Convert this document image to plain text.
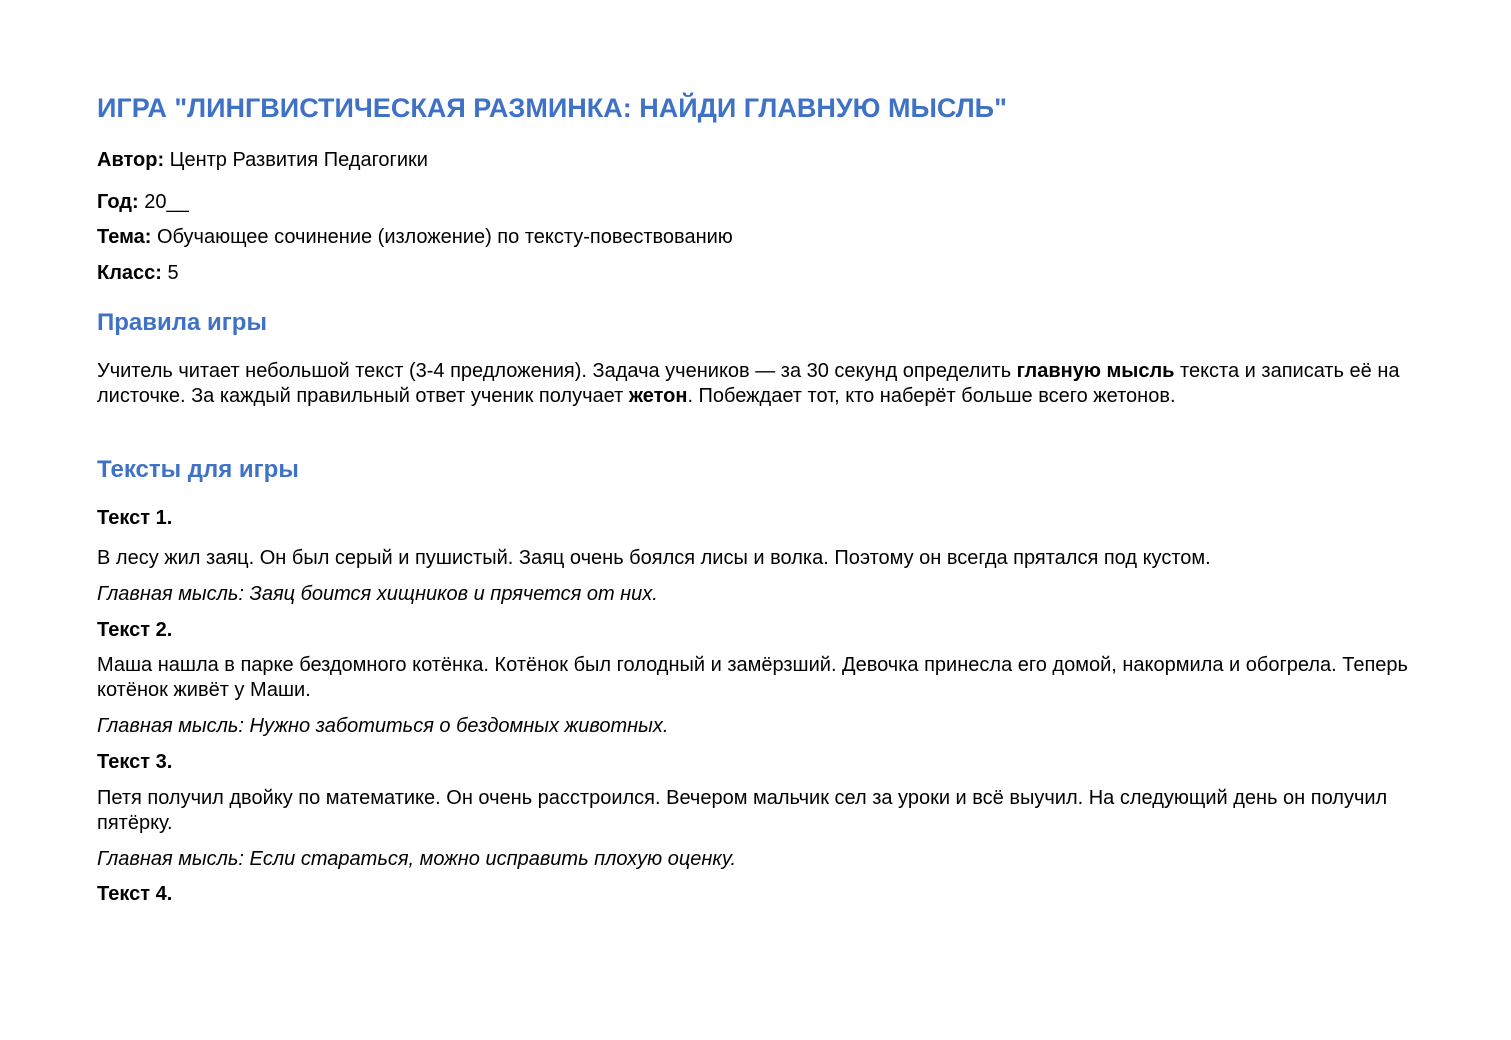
ИГРА "ЛИНГВИСТИЧЕСКАЯ РАЗМИНКА: НАЙДИ ГЛАВНУЮ МЫСЛЬ"

Автор: Центр Развития Педагогики

Год: 20__

Тема: Обучающее сочинение (изложение) по тексту-повествованию

Класс: 5

Правила игры

Учитель читает небольшой текст (3-4 предложения). Задача учеников — за 30 секунд определить главную мысль текста и записать её на листочке. За каждый правильный ответ ученик получает жетон. Побеждает тот, кто наберёт больше всего жетонов.

Тексты для игры

Текст 1.

В лесу жил заяц. Он был серый и пушистый. Заяц очень боялся лисы и волка. Поэтому он всегда прятался под кустом.

Главная мысль: Заяц боится хищников и прячется от них.

Текст 2.

Маша нашла в парке бездомного котёнка. Котёнок был голодный и замёрзший. Девочка принесла его домой, накормила и обогрела. Теперь котёнок живёт у Маши.

Главная мысль: Нужно заботиться о бездомных животных.

Текст 3.

Петя получил двойку по математике. Он очень расстроился. Вечером мальчик сел за уроки и всё выучил. На следующий день он получил пятёрку.

Главная мысль: Если стараться, можно исправить плохую оценку.

Текст 4.
